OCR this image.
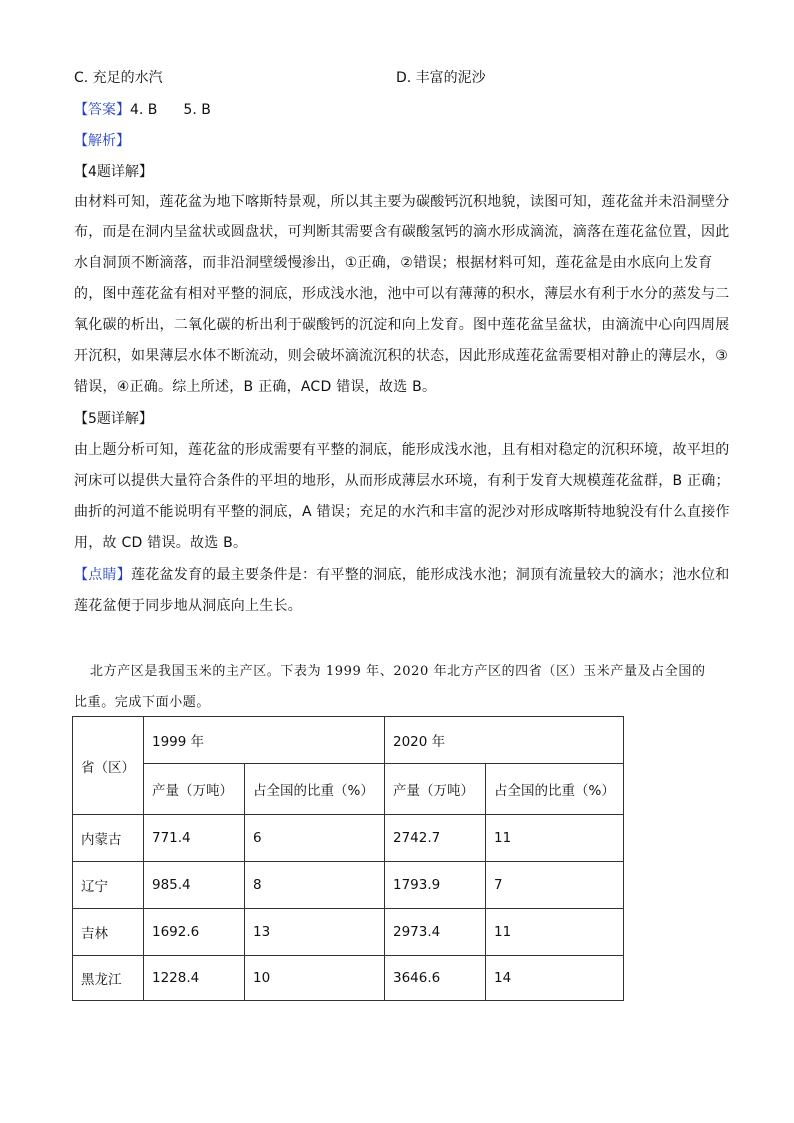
C. 充足的水汽	D. 丰富的泥沙
【答案】4. B 5. B
【解析】
【4题详解】
由材料可知，莲花盆为地下喀斯特景观，所以其主要为碳酸钙沉积地貌，读图可知，莲花盆并未沿洞壁分
布，而是在洞内呈盆状或圆盘状，可判断其需要含有碳酸氢钙的滴水形成滴流，滴落在莲花盆位置，因此
水自洞顶不断滴落，而非沿洞壁缓慢渗出，①正确，②错误；根据材料可知，莲花盆是由水底向上发育
的，图中莲花盆有相对平整的洞底，形成浅水池，池中可以有薄薄的积水，薄层水有利于水分的蒸发与二
氧化碳的析出，二氧化碳的析出利于碳酸钙的沉淀和向上发育。图中莲花盆呈盆状，由滴流中心向四周展
开沉积，如果薄层水体不断流动，则会破坏滴流沉积的状态，因此形成莲花盆需要相对静止的薄层水，③
错误，④正确。综上所述，B 正确，ACD 错误，故选 B。
【5题详解】
由上题分析可知，莲花盆的形成需要有平整的洞底，能形成浅水池，且有相对稳定的沉积环境，故平坦的
河床可以提供大量符合条件的平坦的地形，从而形成薄层水环境，有利于发育大规模莲花盆群，B 正确；
曲折的河道不能说明有平整的洞底，A 错误；充足的水汽和丰富的泥沙对形成喀斯特地貌没有什么直接作
用，故 CD 错误。故选 B。
【点睛】莲花盆发育的最主要条件是：有平整的洞底，能形成浅水池；洞顶有流量较大的滴水；池水位和
莲花盆便于同步地从洞底向上生长。
北方产区是我国玉米的主产区。下表为 1999 年、2020 年北方产区的四省（区）玉米产量及占全国的
比重。完成下面小题。
省（区）	1999 年		2020 年	
	产量（万吨）	占全国的比重（%）	产量（万吨）	占全国的比重（%）
内蒙古	771.4	6	2742.7	11
辽宁	985.4	8	1793.9	7
吉林	1692.6	13	2973.4	11
黑龙江	1228.4	10	3646.6	14
